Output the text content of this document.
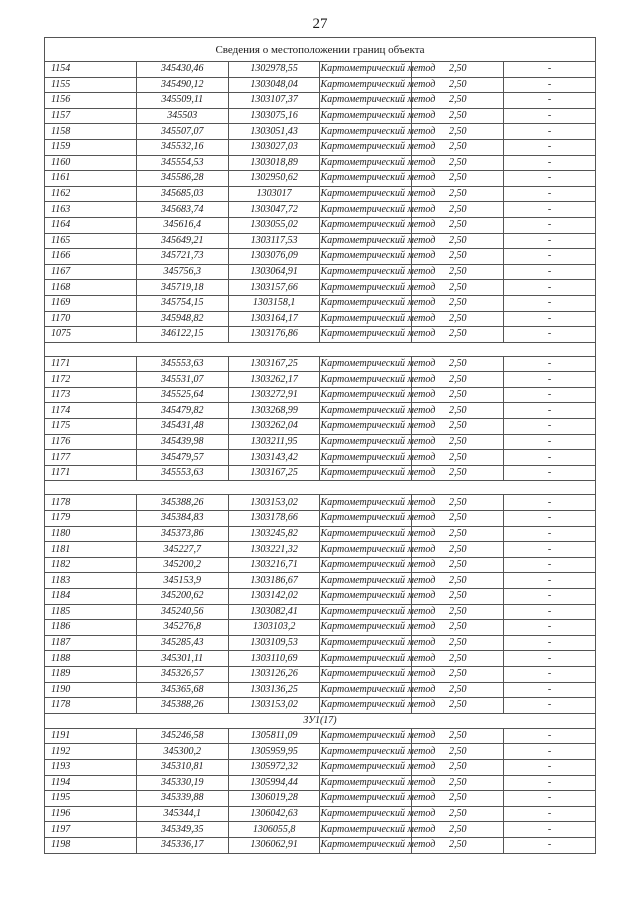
27
Сведения о местоположении границ объекта					
1154	345430,46	1302978,55	Картометрический метод	2,50	-
1155	345490,12	1303048,04	Картометрический метод	2,50	-
1156	345509,11	1303107,37	Картометрический метод	2,50	-
1157	345503	1303075,16	Картометрический метод	2,50	-
1158	345507,07	1303051,43	Картометрический метод	2,50	-
1159	345532,16	1303027,03	Картометрический метод	2,50	-
1160	345554,53	1303018,89	Картометрический метод	2,50	-
1161	345586,28	1302950,62	Картометрический метод	2,50	-
1162	345685,03	1303017	Картометрический метод	2,50	-
1163	345683,74	1303047,72	Картометрический метод	2,50	-
1164	345616,4	1303055,02	Картометрический метод	2,50	-
1165	345649,21	1303117,53	Картометрический метод	2,50	-
1166	345721,73	1303076,09	Картометрический метод	2,50	-
1167	345756,3	1303064,91	Картометрический метод	2,50	-
1168	345719,18	1303157,66	Картометрический метод	2,50	-
1169	345754,15	1303158,1	Картометрический метод	2,50	-
1170	345948,82	1303164,17	Картометрический метод	2,50	-
1075	346122,15	1303176,86	Картометрический метод	2,50	-

1171	345553,63	1303167,25	Картометрический метод	2,50	-
1172	345531,07	1303262,17	Картометрический метод	2,50	-
1173	345525,64	1303272,91	Картометрический метод	2,50	-
1174	345479,82	1303268,99	Картометрический метод	2,50	-
1175	345431,48	1303262,04	Картометрический метод	2,50	-
1176	345439,98	1303211,95	Картометрический метод	2,50	-
1177	345479,57	1303143,42	Картометрический метод	2,50	-
1171	345553,63	1303167,25	Картометрический метод	2,50	-

1178	345388,26	1303153,02	Картометрический метод	2,50	-
1179	345384,83	1303178,66	Картометрический метод	2,50	-
1180	345373,86	1303245,82	Картометрический метод	2,50	-
1181	345227,7	1303221,32	Картометрический метод	2,50	-
1182	345200,2	1303216,71	Картометрический метод	2,50	-
1183	345153,9	1303186,67	Картометрический метод	2,50	-
1184	345200,62	1303142,02	Картометрический метод	2,50	-
1185	345240,56	1303082,41	Картометрический метод	2,50	-
1186	345276,8	1303103,2	Картометрический метод	2,50	-
1187	345285,43	1303109,53	Картометрический метод	2,50	-
1188	345301,11	1303110,69	Картометрический метод	2,50	-
1189	345326,57	1303126,26	Картометрический метод	2,50	-
1190	345365,68	1303136,25	Картометрический метод	2,50	-
1178	345388,26	1303153,02	Картометрический метод	2,50	-
ЗУ1(17)					
1191	345246,58	1305811,09	Картометрический метод	2,50	-
1192	345300,2	1305959,95	Картометрический метод	2,50	-
1193	345310,81	1305972,32	Картометрический метод	2,50	-
1194	345330,19	1305994,44	Картометрический метод	2,50	-
1195	345339,88	1306019,28	Картометрический метод	2,50	-
1196	345344,1	1306042,63	Картометрический метод	2,50	-
1197	345349,35	1306055,8	Картометрический метод	2,50	-
1198	345336,17	1306062,91	Картометрический метод	2,50	-
